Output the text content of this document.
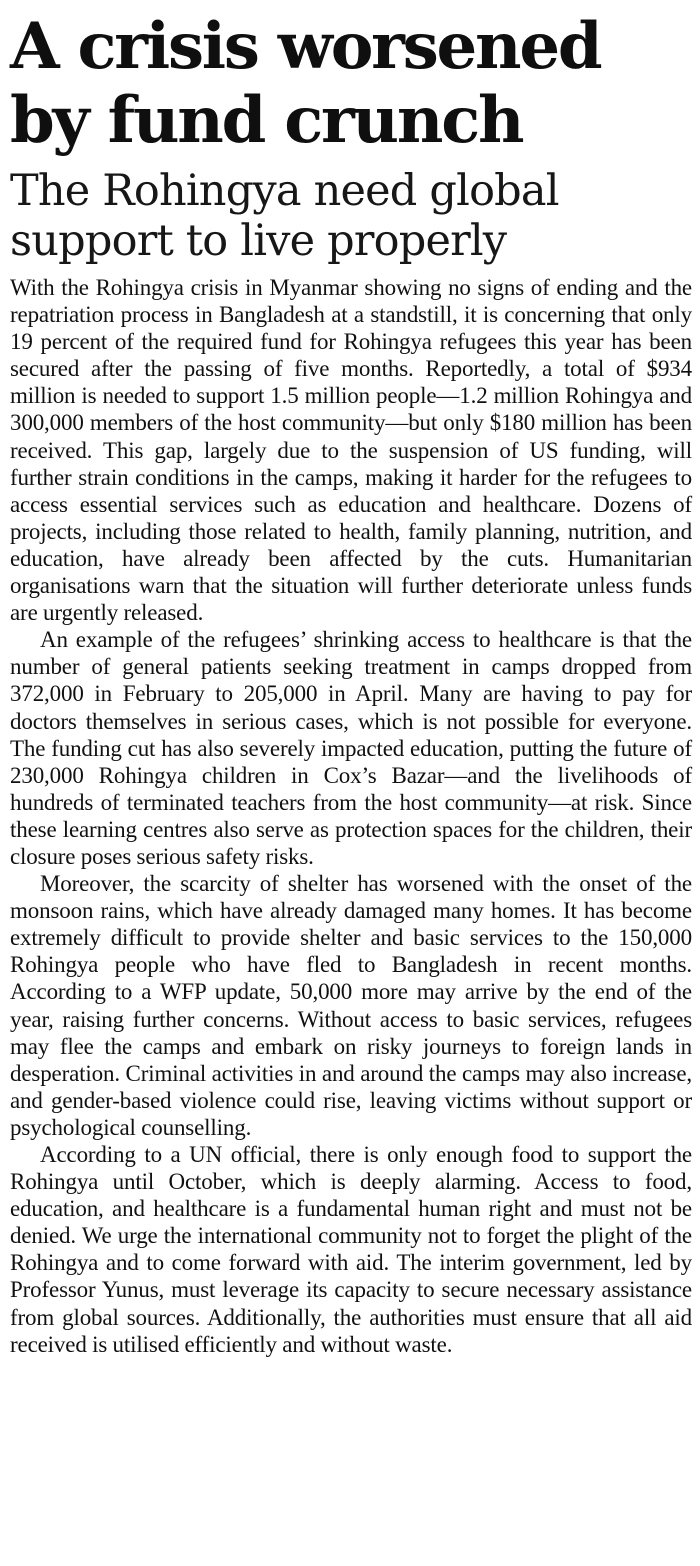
A crisis worsened
by fund crunch
The Rohingya need global
support to live properly

With the Rohingya crisis in Myanmar showing no signs of ending and the repatriation process in Bangladesh at a standstill, it is concerning that only 19 percent of the required fund for Rohingya refugees this year has been secured after the passing of five months. Reportedly, a total of $934 million is needed to support 1.5 million people—1.2 million Rohingya and 300,000 members of the host community—but only $180 million has been received. This gap, largely due to the suspension of US funding, will further strain conditions in the camps, making it harder for the refugees to access essential services such as education and healthcare. Dozens of projects, including those related to health, family planning, nutrition, and education, have already been affected by the cuts. Humanitarian organisations warn that the situation will further deteriorate unless funds are urgently released.

An example of the refugees’ shrinking access to healthcare is that the number of general patients seeking treatment in camps dropped from 372,000 in February to 205,000 in April. Many are having to pay for doctors themselves in serious cases, which is not possible for everyone. The funding cut has also severely impacted education, putting the future of 230,000 Rohingya children in Cox’s Bazar—and the livelihoods of hundreds of terminated teachers from the host community—at risk. Since these learning centres also serve as protection spaces for the children, their closure poses serious safety risks.

Moreover, the scarcity of shelter has worsened with the onset of the monsoon rains, which have already damaged many homes. It has become extremely difficult to provide shelter and basic services to the 150,000 Rohingya people who have fled to Bangladesh in recent months. According to a WFP update, 50,000 more may arrive by the end of the year, raising further concerns. Without access to basic services, refugees may flee the camps and embark on risky journeys to foreign lands in desperation. Criminal activities in and around the camps may also increase, and gender-based violence could rise, leaving victims without support or psychological counselling.

According to a UN official, there is only enough food to support the Rohingya until October, which is deeply alarming. Access to food, education, and healthcare is a fundamental human right and must not be denied. We urge the international community not to forget the plight of the Rohingya and to come forward with aid. The interim government, led by Professor Yunus, must leverage its capacity to secure necessary assistance from global sources. Additionally, the authorities must ensure that all aid received is utilised efficiently and without waste.
